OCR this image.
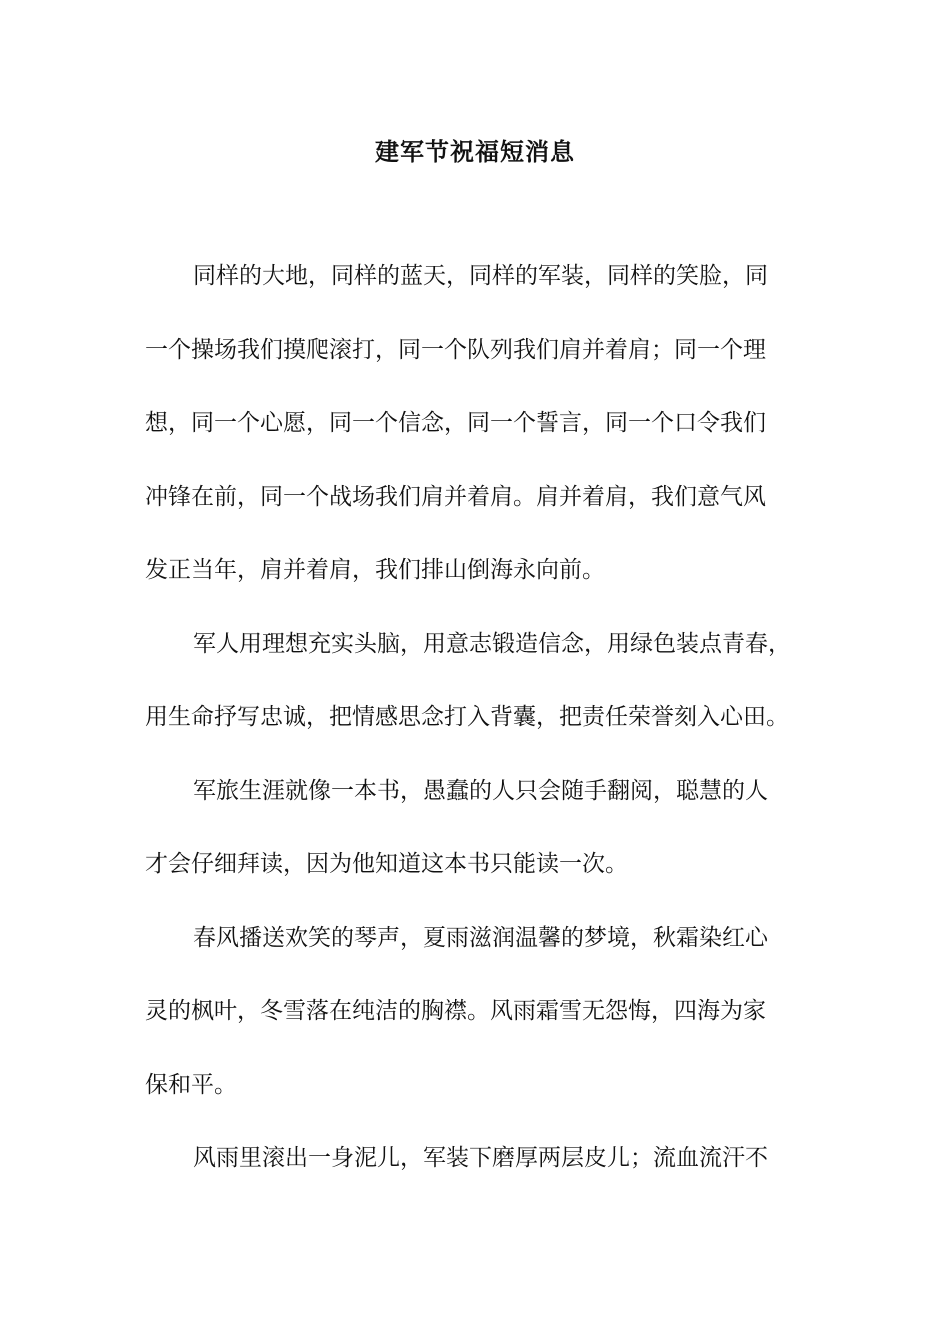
建军节祝福短消息
同样的大地，同样的蓝天，同样的军装，同样的笑脸，同
一个操场我们摸爬滚打，同一个队列我们肩并着肩；同一个理
想，同一个心愿，同一个信念，同一个誓言，同一个口令我们
冲锋在前，同一个战场我们肩并着肩。肩并着肩，我们意气风
发正当年，肩并着肩，我们排山倒海永向前。
军人用理想充实头脑，用意志锻造信念，用绿色装点青春，
用生命抒写忠诚，把情感思念打入背囊，把责任荣誉刻入心田。
军旅生涯就像一本书，愚蠢的人只会随手翻阅，聪慧的人
才会仔细拜读，因为他知道这本书只能读一次。
春风播送欢笑的琴声，夏雨滋润温馨的梦境，秋霜染红心
灵的枫叶，冬雪落在纯洁的胸襟。风雨霜雪无怨悔，四海为家
保和平。
风雨里滚出一身泥儿，军装下磨厚两层皮儿；流血流汗不
